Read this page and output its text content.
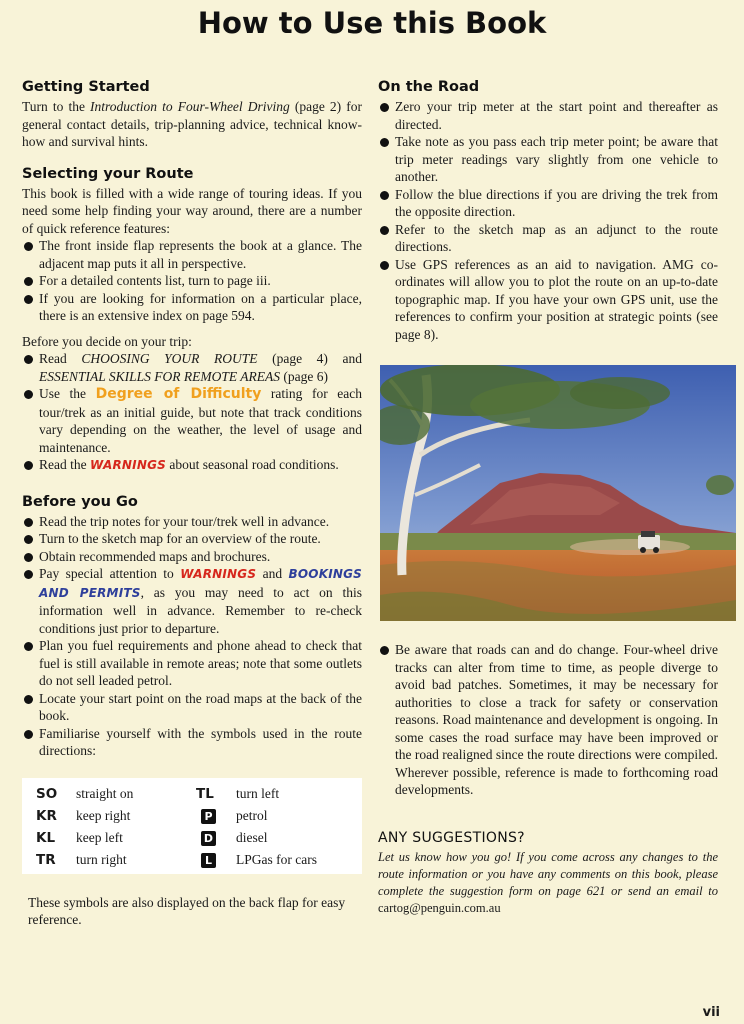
How to Use this Book
Getting Started

Turn to the Introduction to Four-Wheel Driving (page 2) for general contact details, trip-planning advice, technical know-how and survival hints.

Selecting your Route

This book is filled with a wide range of touring ideas. If you need some help finding your way around, there are a number of quick reference features:

The front inside flap represents the book at a glance. The adjacent map puts it all in perspective.
For a detailed contents list, turn to page iii.
If you are looking for information on a particular place, there is an extensive index on page 594.

Before you decide on your trip:

Read CHOOSING YOUR ROUTE (page 4) and ESSENTIAL SKILLS FOR REMOTE AREAS (page 6)
Use the Degree of Difficulty rating for each tour/trek as an initial guide, but note that track conditions vary depending on the weather, the level of usage and maintenance.
Read the WARNINGS about seasonal road conditions.
Before you Go
Read the trip notes for your tour/trek well in advance.
Turn to the sketch map for an overview of the route.
Obtain recommended maps and brochures.
Pay special attention to WARNINGS and BOOKINGS AND PERMITS, as you may need to act on this information well in advance. Remember to re-check conditions just prior to departure.
Plan you fuel requirements and phone ahead to check that fuel is still available in remote areas; note that some outlets do not sell leaded petrol.
Locate your start point on the road maps at the back of the book.
Familiarise yourself with the symbols used in the route directions:
SO	straight on	TL	turn left
KR	keep right	P	petrol
KL	keep left	D	diesel
TR	turn right	L	LPGas for cars

These symbols are also displayed on the back flap for easy reference.

On the Road
Zero your trip meter at the start point and thereafter as directed.
Take note as you pass each trip meter point; be aware that trip meter readings vary slightly from one vehicle to another.
Follow the blue directions if you are driving the trek from the opposite direction.
Refer to the sketch map as an adjunct to the route directions.
Use GPS references as an aid to navigation. AMG co-ordinates will allow you to plot the route on an up-to-date topographic map. If you have your own GPS unit, use the references to confirm your position at strategic points (see page 8).
Be aware that roads can and do change. Four-wheel drive tracks can alter from time to time, as people diverge to avoid bad patches. Sometimes, it may be necessary for authorities to close a track for safety or conservation reasons. Road maintenance and development is ongoing. In some cases the road surface may have been improved or the road realigned since the route directions were compiled. Wherever possible, reference is made to forthcoming road developments.
ANY SUGGESTIONS?

Let us know how you go! If you come across any changes to the route information or you have any comments on this book, please complete the suggestion form on page 621 or send an email to cartog@penguin.com.au

vii
